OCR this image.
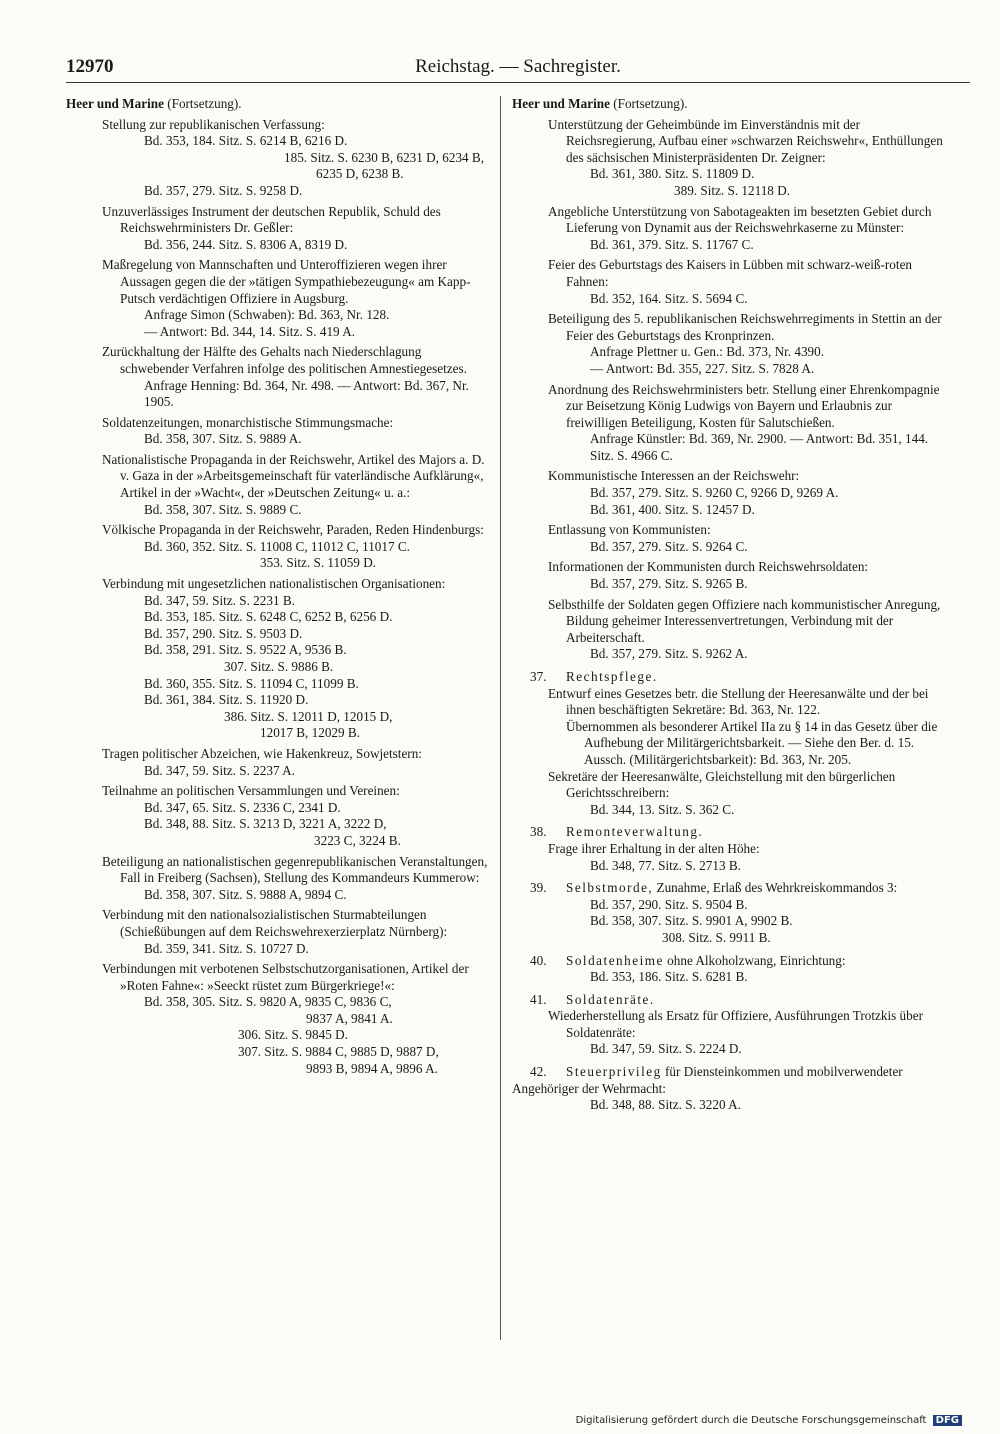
12970	Reichstag. — Sachregister.
Heer und Marine (Fortsetzung).
Stellung zur republikanischen Verfassung:
Bd. 353, 184. Sitz. S. 6214 B, 6216 D.
185. Sitz. S. 6230 B, 6231 D, 6234 B,
6235 D, 6238 B.
Bd. 357, 279. Sitz. S. 9258 D.
Unzuverlässiges Instrument der deutschen Republik, Schuld des Reichswehrministers Dr. Geßler:
Bd. 356, 244. Sitz. S. 8306 A, 8319 D.
Maßregelung von Mannschaften und Unteroffizieren wegen ihrer Aussagen gegen die der »tätigen Sympathiebezeugung« am Kapp-Putsch verdächtigen Offiziere in Augsburg.
Anfrage Simon (Schwaben): Bd. 363, Nr. 128.
— Antwort: Bd. 344, 14. Sitz. S. 419 A.
Zurückhaltung der Hälfte des Gehalts nach Niederschlagung schwebender Verfahren infolge des politischen Amnestiegesetzes.
Anfrage Henning: Bd. 364, Nr. 498. — Antwort: Bd. 367, Nr. 1905.
Soldatenzeitungen, monarchistische Stimmungsmache:
Bd. 358, 307. Sitz. S. 9889 A.
Nationalistische Propaganda in der Reichswehr, Artikel des Majors a. D. v. Gaza in der »Arbeitsgemeinschaft für vaterländische Aufklärung«, Artikel in der »Wacht«, der »Deutschen Zeitung« u. a.:
Bd. 358, 307. Sitz. S. 9889 C.
Völkische Propaganda in der Reichswehr, Paraden, Reden Hindenburgs:
Bd. 360, 352. Sitz. S. 11008 C, 11012 C, 11017 C.
353. Sitz. S. 11059 D.
Verbindung mit ungesetzlichen nationalistischen Organisationen:
Bd. 347, 59. Sitz. S. 2231 B.
Bd. 353, 185. Sitz. S. 6248 C, 6252 B, 6256 D.
Bd. 357, 290. Sitz. S. 9503 D.
Bd. 358, 291. Sitz. S. 9522 A, 9536 B.
307. Sitz. S. 9886 B.
Bd. 360, 355. Sitz. S. 11094 C, 11099 B.
Bd. 361, 384. Sitz. S. 11920 D.
386. Sitz. S. 12011 D, 12015 D,
12017 B, 12029 B.
Tragen politischer Abzeichen, wie Hakenkreuz, Sowjetstern:
Bd. 347, 59. Sitz. S. 2237 A.
Teilnahme an politischen Versammlungen und Vereinen:
Bd. 347, 65. Sitz. S. 2336 C, 2341 D.
Bd. 348, 88. Sitz. S. 3213 D, 3221 A, 3222 D,
3223 C, 3224 B.
Beteiligung an nationalistischen gegenrepublikanischen Veranstaltungen, Fall in Freiberg (Sachsen), Stellung des Kommandeurs Kummerow:
Bd. 358, 307. Sitz. S. 9888 A, 9894 C.
Verbindung mit den nationalsozialistischen Sturmabteilungen (Schießübungen auf dem Reichswehrexerzierplatz Nürnberg):
Bd. 359, 341. Sitz. S. 10727 D.
Verbindungen mit verbotenen Selbstschutzorganisationen, Artikel der »Roten Fahne«: »Seeckt rüstet zum Bürgerkriege!«:
Bd. 358, 305. Sitz. S. 9820 A, 9835 C, 9836 C,
9837 A, 9841 A.
306. Sitz. S. 9845 D.
307. Sitz. S. 9884 C, 9885 D, 9887 D,
9893 B, 9894 A, 9896 A.
Heer und Marine (Fortsetzung).
Unterstützung der Geheimbünde im Einverständnis mit der Reichsregierung, Aufbau einer »schwarzen Reichswehr«, Enthüllungen des sächsischen Ministerpräsidenten Dr. Zeigner:
Bd. 361, 380. Sitz. S. 11809 D.
389. Sitz. S. 12118 D.
Angebliche Unterstützung von Sabotageakten im besetzten Gebiet durch Lieferung von Dynamit aus der Reichswehrkaserne zu Münster:
Bd. 361, 379. Sitz. S. 11767 C.
Feier des Geburtstags des Kaisers in Lübben mit schwarz-weiß-roten Fahnen:
Bd. 352, 164. Sitz. S. 5694 C.
Beteiligung des 5. republikanischen Reichswehrregiments in Stettin an der Feier des Geburtstags des Kronprinzen.
Anfrage Plettner u. Gen.: Bd. 373, Nr. 4390.
— Antwort: Bd. 355, 227. Sitz. S. 7828 A.
Anordnung des Reichswehrministers betr. Stellung einer Ehrenkompagnie zur Beisetzung König Ludwigs von Bayern und Erlaubnis zur freiwilligen Beteiligung, Kosten für Salutschießen.
Anfrage Künstler: Bd. 369, Nr. 2900. — Antwort: Bd. 351, 144. Sitz. S. 4966 C.
Kommunistische Interessen an der Reichswehr:
Bd. 357, 279. Sitz. S. 9260 C, 9266 D, 9269 A.
Bd. 361, 400. Sitz. S. 12457 D.
Entlassung von Kommunisten:
Bd. 357, 279. Sitz. S. 9264 C.
Informationen der Kommunisten durch Reichswehrsoldaten:
Bd. 357, 279. Sitz. S. 9265 B.
Selbsthilfe der Soldaten gegen Offiziere nach kommunistischer Anregung, Bildung geheimer Interessenvertretungen, Verbindung mit der Arbeiterschaft.
Bd. 357, 279. Sitz. S. 9262 A.
37. Rechtspflege.
Entwurf eines Gesetzes betr. die Stellung der Heeresanwälte und der bei ihnen beschäftigten Sekretäre: Bd. 363, Nr. 122.
Übernommen als besonderer Artikel IIa zu § 14 in das Gesetz über die Aufhebung der Militärgerichtsbarkeit. — Siehe den Ber. d. 15. Aussch. (Militärgerichtsbarkeit): Bd. 363, Nr. 205.
Sekretäre der Heeresanwälte, Gleichstellung mit den bürgerlichen Gerichtsschreibern:
Bd. 344, 13. Sitz. S. 362 C.
38. Remonteverwaltung.
Frage ihrer Erhaltung in der alten Höhe:
Bd. 348, 77. Sitz. S. 2713 B.
39. Selbstmorde, Zunahme, Erlaß des Wehrkreiskommandos 3:
Bd. 357, 290. Sitz. S. 9504 B.
Bd. 358, 307. Sitz. S. 9901 A, 9902 B.
308. Sitz. S. 9911 B.
40. Soldatenheime ohne Alkoholzwang, Einrichtung:
Bd. 353, 186. Sitz. S. 6281 B.
41. Soldatenräte.
Wiederherstellung als Ersatz für Offiziere, Ausführungen Trotzkis über Soldatenräte:
Bd. 347, 59. Sitz. S. 2224 D.
42. Steuerprivileg für Diensteinkommen und mobilverwendeter Angehöriger der Wehrmacht:
Bd. 348, 88. Sitz. S. 3220 A.
Digitalisierung gefördert durch die Deutsche Forschungsgemeinschaft DFG
